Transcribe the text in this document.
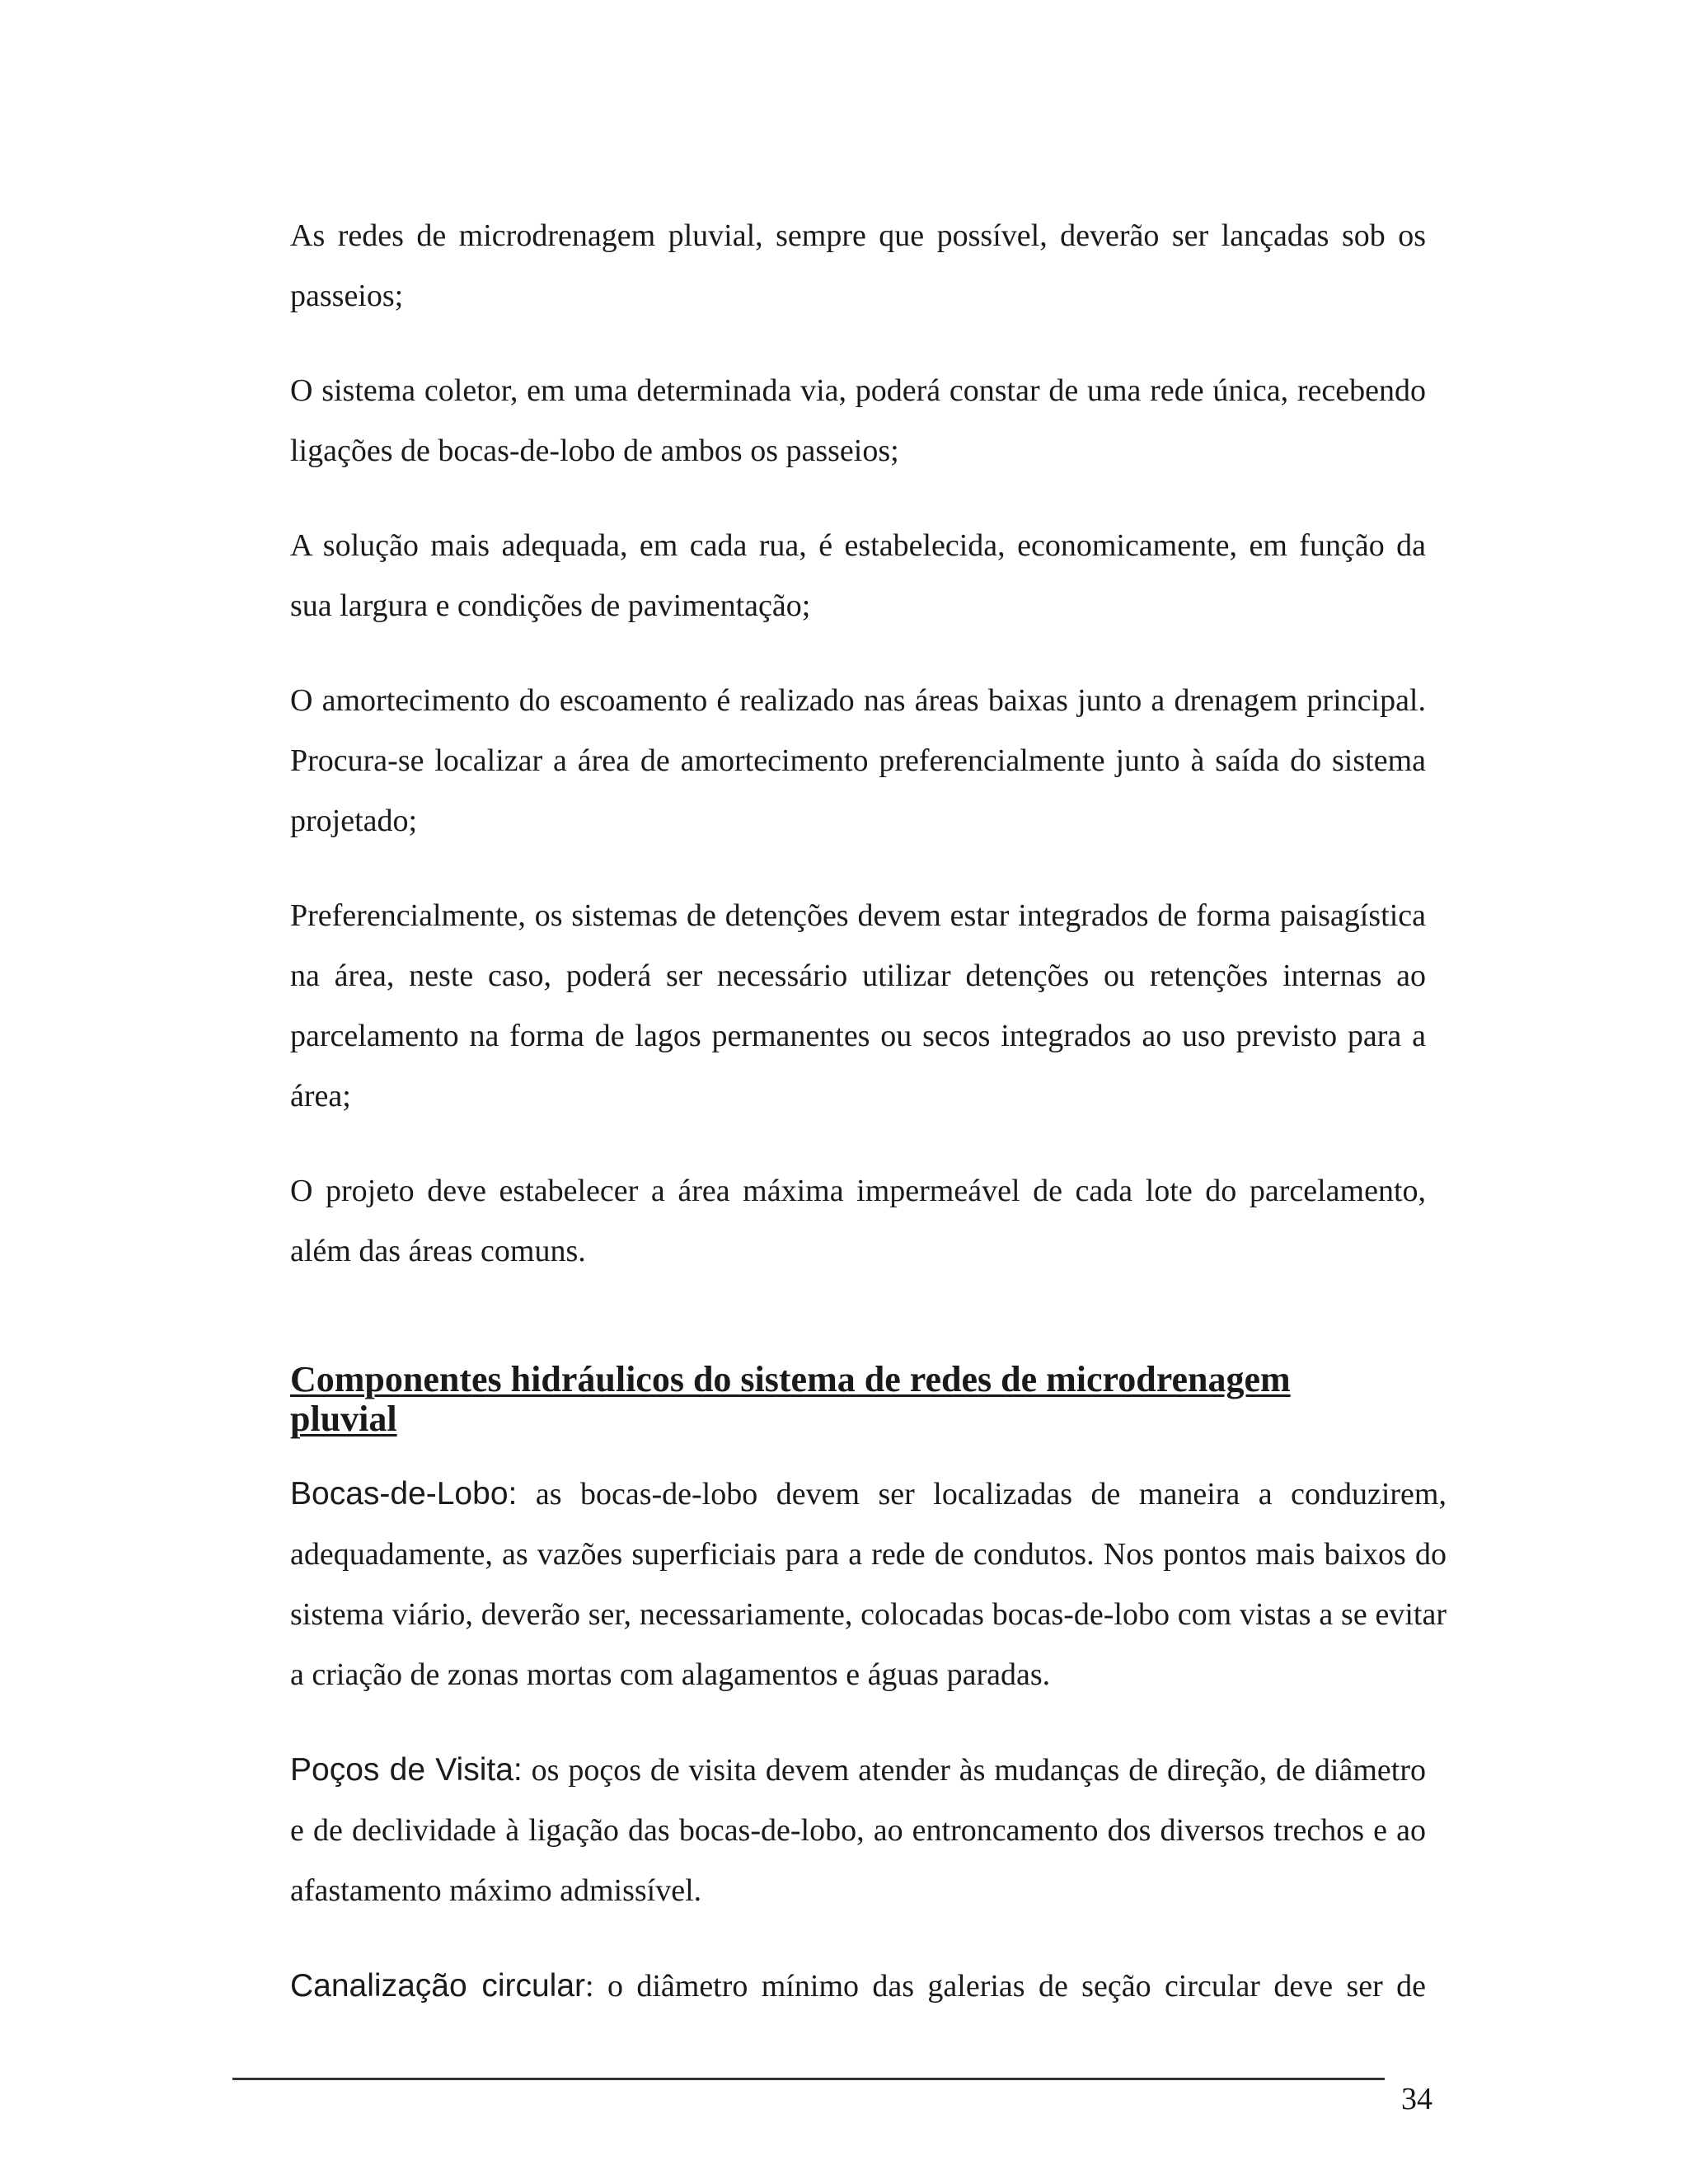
As redes de microdrenagem pluvial, sempre que possível, deverão ser lançadas sob os passeios;

O sistema coletor, em uma determinada via, poderá constar de uma rede única, recebendo ligações de bocas-de-lobo de ambos os passeios;

A solução mais adequada, em cada rua, é estabelecida, economicamente, em função da sua largura e condições de pavimentação;

O amortecimento do escoamento é realizado nas áreas baixas junto a drenagem principal. Procura-se localizar a área de amortecimento preferencialmente junto à saída do sistema projetado;

Preferencialmente, os sistemas de detenções devem estar integrados de forma paisagística na área, neste caso, poderá ser necessário utilizar detenções ou retenções internas ao parcelamento na forma de lagos permanentes ou secos integrados ao uso previsto para a área;

O projeto deve estabelecer a área máxima impermeável de cada lote do parcelamento, além das áreas comuns.

Componentes hidráulicos do sistema de redes de microdrenagem pluvial

Bocas-de-Lobo: as bocas-de-lobo devem ser localizadas de maneira a conduzirem, adequadamente, as vazões superficiais para a rede de condutos. Nos pontos mais baixos do sistema viário, deverão ser, necessariamente, colocadas bocas-de-lobo com vistas a se evitar a criação de zonas mortas com alagamentos e águas paradas.

Poços de Visita: os poços de visita devem atender às mudanças de direção, de diâmetro e de declividade à ligação das bocas-de-lobo, ao entroncamento dos diversos trechos e ao afastamento máximo admissível.

Canalização circular: o diâmetro mínimo das galerias de seção circular deve ser de

34
